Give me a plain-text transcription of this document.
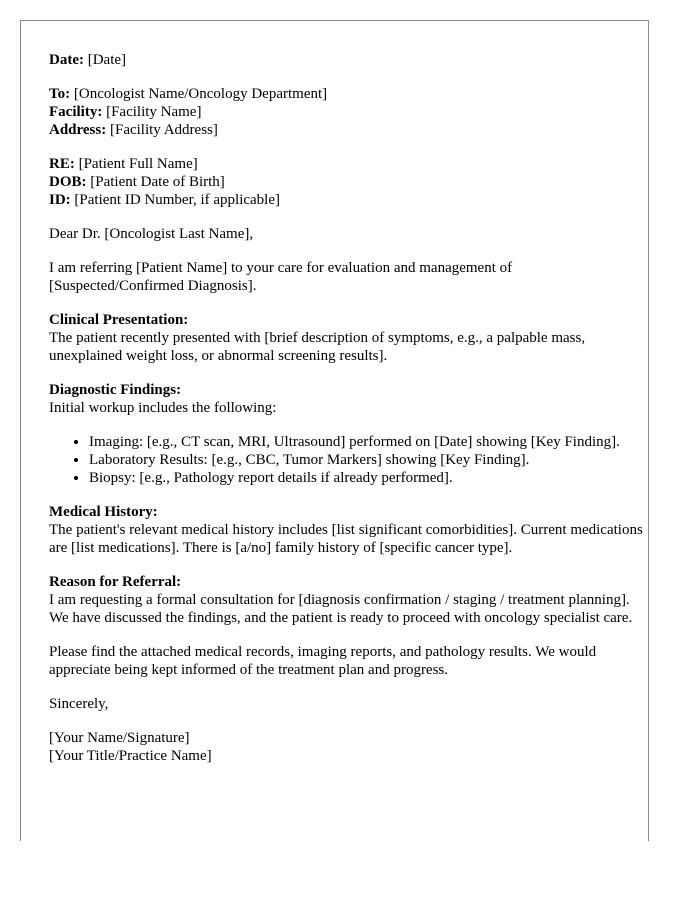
Date: [Date]
To: [Oncologist Name/Oncology Department]
Facility: [Facility Name]
Address: [Facility Address]
RE: [Patient Full Name]
DOB: [Patient Date of Birth]
ID: [Patient ID Number, if applicable]

Dear Dr. [Oncologist Last Name],

I am referring [Patient Name] to your care for evaluation and management of [Suspected/Confirmed Diagnosis].

Clinical Presentation:
The patient recently presented with [brief description of symptoms, e.g., a palpable mass, unexplained weight loss, or abnormal screening results].
Diagnostic Findings:

Initial workup includes the following:

• Imaging: [e.g., CT scan, MRI, Ultrasound] performed on [Date] showing [Key Finding].
• Laboratory Results: [e.g., CBC, Tumor Markers] showing [Key Finding].
• Biopsy: [e.g., Pathology report details if already performed].
Medical History:
The patient's relevant medical history includes [list significant comorbidities]. Current medications are [list medications]. There is [a/no] family history of [specific cancer type].
Reason for Referral:
I am requesting a formal consultation for [diagnosis confirmation / staging / treatment planning]. We have discussed the findings, and the patient is ready to proceed with oncology specialist care.

Please find the attached medical records, imaging reports, and pathology results. We would appreciate being kept informed of the treatment plan and progress.

Sincerely,

[Your Name/Signature]
[Your Title/Practice Name]
